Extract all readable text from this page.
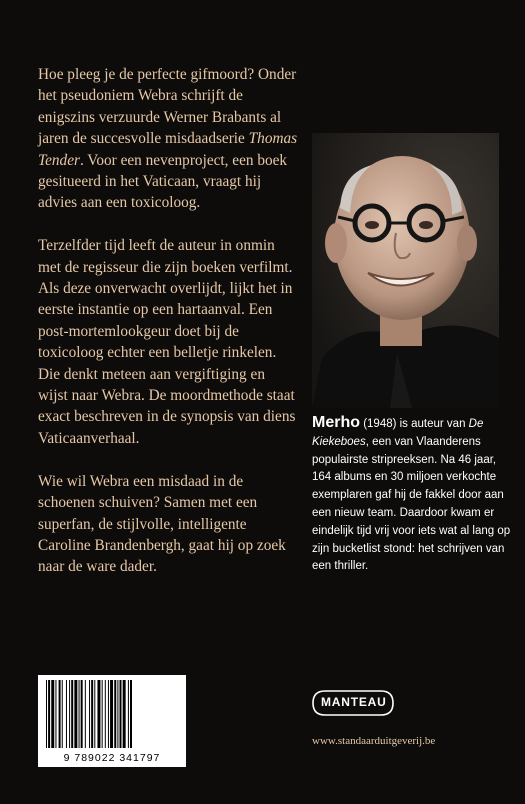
Hoe pleeg je de perfecte gifmoord? Onder het pseudoniem Webra schrijft de enigszins verzuurde Werner Brabants al jaren de succesvolle misdaadserie Thomas Tender. Voor een nevenproject, een boek gesitueerd in het Vaticaan, vraagt hij advies aan een toxicoloog.

Terzelfder tijd leeft de auteur in onmin met de regisseur die zijn boeken verfilmt. Als deze onverwacht overlijdt, lijkt het in eerste instantie op een hartaanval. Een post-mortemlookgeur doet bij de toxicoloog echter een belletje rinkelen. Die denkt meteen aan vergiftiging en wijst naar Webra. De moordmethode staat exact beschreven in de synopsis van diens Vaticaanverhaal.

Wie wil Webra een misdaad in de schoenen schuiven? Samen met een superfan, de stijlvolle, intelligente Caroline Brandenbergh, gaat hij op zoek naar de ware dader.

Merho (1948) is auteur van De Kiekeboes, een van Vlaanderens populairste stripreeksen. Na 46 jaar, 164 albums en 30 miljoen verkochte exemplaren gaf hij de fakkel door aan een nieuw team. Daardoor kwam er eindelijk tijd vrij voor iets wat al lang op zijn bucketlist stond: het schrijven van een thriller.
9 789022 341797
MANTEAU
www.standaarduitgeverij.be
